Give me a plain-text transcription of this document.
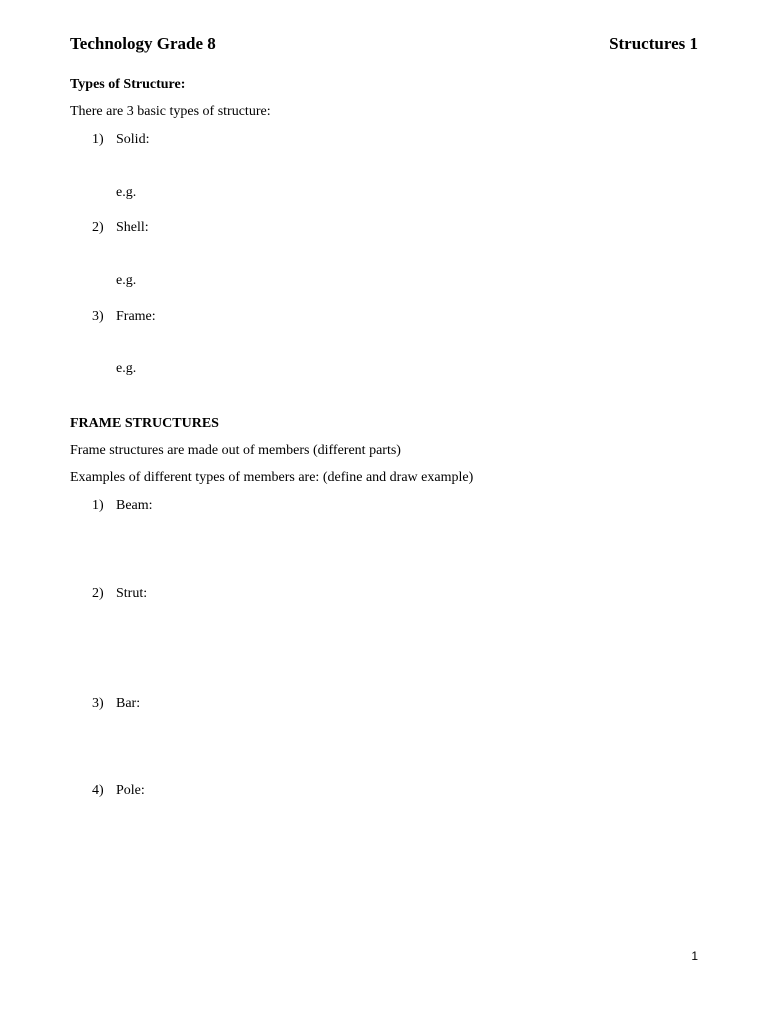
Technology Grade 8	Structures 1
Types of Structure:
There are 3 basic types of structure:
1) Solid:
e.g.
2) Shell:
e.g.
3) Frame:
e.g.
FRAME STRUCTURES
Frame structures are made out of members (different parts)
Examples of different types of members are: (define and draw example)
1) Beam:
2) Strut:
3) Bar:
4) Pole:
1
